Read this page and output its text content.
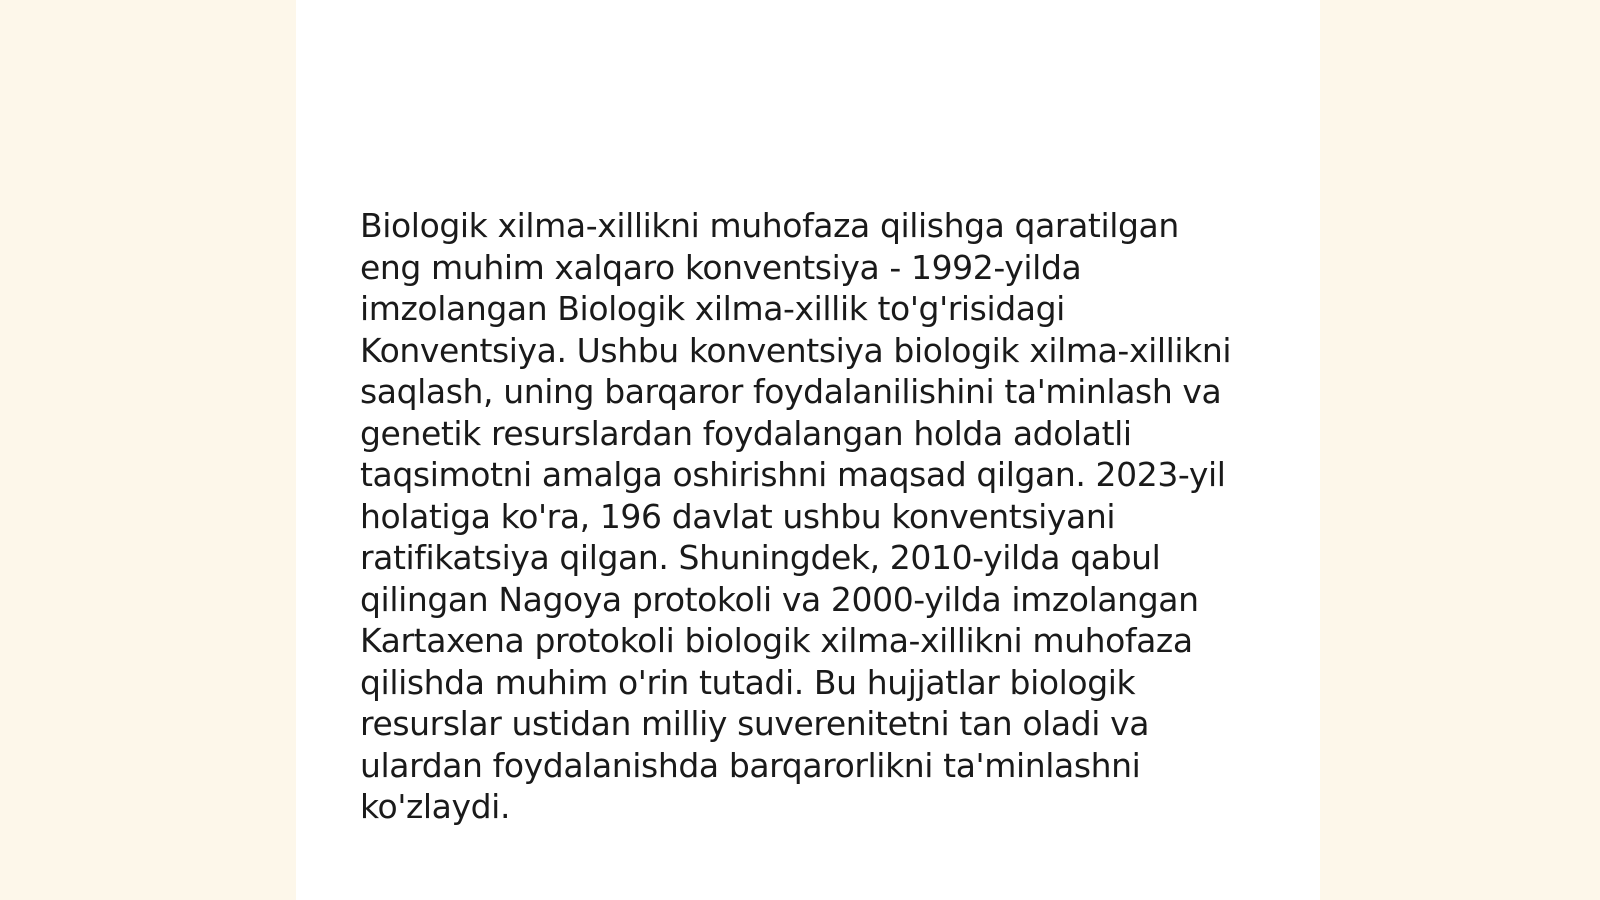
Biologik xilma-xillikni muhofaza qilishga qaratilgan
eng muhim xalqaro konventsiya - 1992-yilda
imzolangan Biologik xilma-xillik to'g'risidagi
Konventsiya. Ushbu konventsiya biologik xilma-xillikni
saqlash, uning barqaror foydalanilishini ta'minlash va
genetik resurslardan foydalangan holda adolatli
taqsimotni amalga oshirishni maqsad qilgan. 2023-yil
holatiga ko'ra, 196 davlat ushbu konventsiyani
ratifikatsiya qilgan. Shuningdek, 2010-yilda qabul
qilingan Nagoya protokoli va 2000-yilda imzolangan
Kartaxena protokoli biologik xilma-xillikni muhofaza
qilishda muhim o'rin tutadi. Bu hujjatlar biologik
resurslar ustidan milliy suverenitetni tan oladi va
ulardan foydalanishda barqarorlikni ta'minlashni
ko'zlaydi.
